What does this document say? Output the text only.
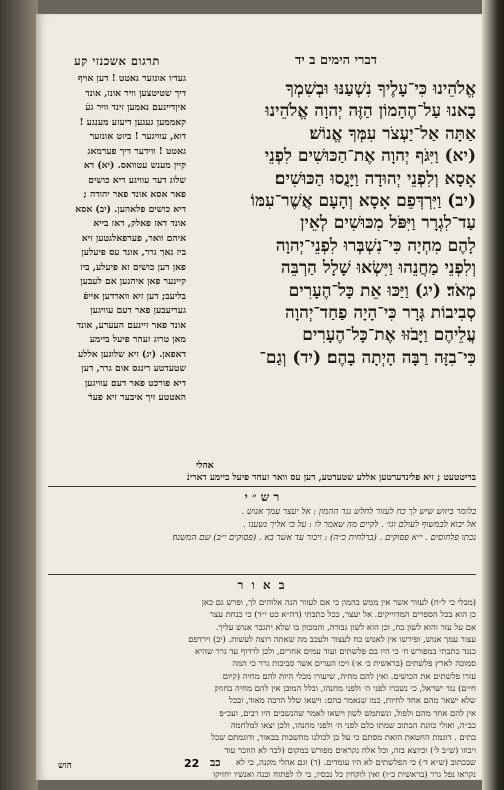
תרגום אשכנזי קע
געד׳ו אונזער גאטט ! דען אויף
דיך שטיטצען וויר אונז, אונד
איןדיינעם נאמען זינד וויר געֿ
קאממען געגען דיעזע מענגע !
דוא, עוויגער ! ביזט אונזער
גאטט ! ווידער דיך פערמאג
קיין מענש עטוואס. (יא) דא
שלוג דער עוויגע דיא כושים
פאר אסא אונד פאר יהודה ;
דיא כושים פלאהען. (יב) אסא
אונד דאז פאלק, דאז בייא
איהם וואר, פערפאלגטען זיא
ביז נאך גרר, אונד עס פיעלען
פאן דען כושים זא פיעלע, ביז
קיינער פאן איהנען אם לעבען
בליעב; דען זיא ווארדען אייפֿ
געריעבען פאר דעם עוויגען
אונד פאר זיינעם העערע, אונד
מאן טרוג זעהר פיעל ביימע
דאפאן. (יג) זיא שלוגען אללע
שטעדטע רינגס אום גרר, דען
דיא פורכט פאר דעם עוויגען
האטטע זיך איבער זיא פערֿ
דברי הימים ב יד
אֱלֹהֵינוּ כִּי־עָלֶיךָ נִשְׁעַנּוּ וּבְשִׁמְךָ
בָאנוּ עַל־הֶהָמוֹן הַזֶּה יְהוָה אֱלֹהֵינוּ
אַתָּה אַל־יַעְצֹר עִמְּךָ אֱנוֹשׁ׃
(יא) וַיִּגֹּף יְהוָה אֶת־הַכּוּשִׁים לִפְנֵי
אָסָא וְלִפְנֵי יְהוּדָה וַיָּנֻסוּ הַכּוּשִׁים׃
(יב) וַיִּרְדְּפֵם אָסָא וְהָעָם אֲשֶׁר־עִמּוֹ
עַד־לִגְרָר וַיִּפֹּל מִכּוּשִׁים לְאֵין
לָהֶם מִחְיָה כִּי־נִשְׁבְּרוּ לִפְנֵי־יְהוָה
וְלִפְנֵי מַחֲנֵהוּ וַיִּשְׂאוּ שָׁלָל הַרְבֵּה
מְאֹד׃ (יג) וַיַּכּוּ אֵת כָּל־הֶעָרִים
סְבִיבוֹת גְּרָר כִּי־הָיָה פַחַד־יְהוָה
עֲלֵיהֶם וַיָּבֹזּוּ אֶת־כָּל־הֶעָרִים
כִּי־בִזָּה רַבָּה הָיְתָה בָהֶם׃ (יד) וְגַם־
אהלי
בריטטעט ; זיא פלינדערטען אללע שטעדטע, דען עס וואר זעהר פיעל ביימע דארינֿ
ר ש ״ י
בלומר ביזוש שיש לך כח לעזור לחלש נגד ההמון : אל יעצר עמך אנוש .
אל יבוא לבמשוף לעולם וגו׳ . לקיים מה שאמר לו : על כי אליך נשענו .
נכתו פלחוסים . י״א פסוקים . (ברלחית כ״ה) : ויבור עד אשר בא . (פסוקים י״ב) שם המשנה׃
ב א ו ר
(מבלי כי ל״ח) לעזור אשר אין ממש בהמון כי אם לעזור הנה אלוהים לך, ופרש גם כאן
כן הוא בכל הספרים המדוייקים. אל יעצר, ככל כתבתי (דה״א כט י״ד) כי כנחת עצר
אם על עזר והוא לשון כח, וכן הוא לשון גבורה, והמכוון בו שלא יתגבר אנוש עליך.
עצור עמך אנוש, ופירשו אין לאנוש כח לעצור ולעכב מה שאתה רוצה לעשות. (יב) וירדפם
כנגד כתבתי במפורש ח׳ כי היו בם פלשתים ועוד עמים אחרים, ולכן לרדוף עד גרר שהיא
סמוכה לארץ פלשתים (בראשית כ׳ א׳) ויכו הערים אשר סביבות גרר כי המה
עזרו פלשתים את הכושים. ואין להם מחיה, שיעורו מכלי היות להם מחיה (קיום
חיים) נגד ישראל, כי נשברו לפני ה׳ ולפני מחנהו, ובלל המובן אין להם מחיה בחוזק
שלא ישאר מהם אחד לחיות, כמו שנאמר בהם: וישאו שלל הרבה מאוד, ובכל
אין להם אחד מהם ולפול, ונשתמש לשון וישאו לאמר שהנשבים היו רבים, ועכ״פ
כב״ה, ואולי כוונת הכתוב שמתו כלם לפני ה׳ ולפני מחנהו, ולכן יצאו למלחמה
בתים . דוגמת החטאת הזאת מסתם כי על כן לכולנו מחשבות בבאור, ודוגמתם שכל
ויבוזו (ש״ב ל׳) וכיוצא בזה, וכל אלה נקראים מפורש במקום (לבד לא הוזכר עוד
שבכתוב (ש״א ד׳) כי הפלשתים לא היו עומדים. (ד) וגם אהלי מקנה, כי לא
נקראו נפל גרר (בראשית כ״ו) ואין לוקחין כל נכסיו, בי לו לפתוח ובנה ואנשיו יחזיקו
כב
22
הוש
